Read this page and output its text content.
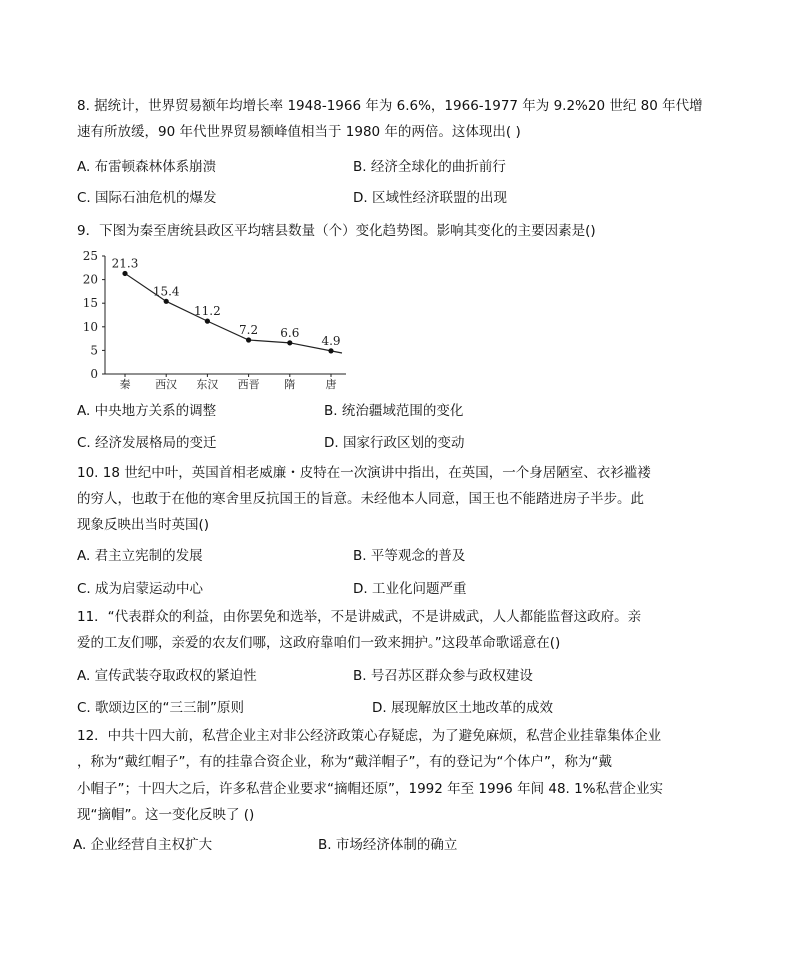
8. 据统计，世界贸易额年均增长率 1948-1966 年为 6.6%，1966-1977 年为 9.2%20 世纪 80 年代增
速有所放缓，90 年代世界贸易额峰值相当于 1980 年的两倍。这体现出( )
A. 布雷顿森林体系崩溃	B. 经济全球化的曲折前行
C. 国际石油危机的爆发	D. 区域性经济联盟的出现
9．下图为秦至唐统县政区平均辖县数量（个）变化趋势图。影响其变化的主要因素是()
0
5
10
15
20
25
秦 西汉 东汉 西晋 隋	唐
21.3
15.4
11.2
7.2 6.6
4.9
A. 中央地方关系的调整	B. 统治疆域范围的变化
C. 经济发展格局的变迁	D. 国家行政区划的变动
10. 18 世纪中叶，英国首相老威廉・皮特在一次演讲中指出，在英国，一个身居陋室、衣衫褴褛
的穷人，也敢于在他的寒舍里反抗国王的旨意。未经他本人同意，国王也不能踏进房子半步。此
现象反映出当时英国()
A. 君主立宪制的发展	B. 平等观念的普及
C. 成为启蒙运动中心	D. 工业化问题严重
11．“代表群众的利益，由你罢免和选举，不是讲威武，不是讲威武，人人都能监督这政府。亲
爱的工友们哪，亲爱的农友们哪，这政府靠咱们一致来拥护。”这段革命歌谣意在()
A. 宣传武装夺取政权的紧迫性	B. 号召苏区群众参与政权建设
C. 歌颂边区的“三三制”原则	D. 展现解放区土地改革的成效
12．中共十四大前，私营企业主对非公经济政策心存疑虑，为了避免麻烦，私营企业挂靠集体企业
，称为“戴红帽子”，有的挂靠合资企业，称为“戴洋帽子”，有的登记为“个体户”，称为“戴
小帽子”；十四大之后，许多私营企业要求“摘帽还原”，1992 年至 1996 年间 48. 1%私营企业实
现“摘帽”。这一变化反映了 ()
A. 企业经营自主权扩大	B. 市场经济体制的确立
